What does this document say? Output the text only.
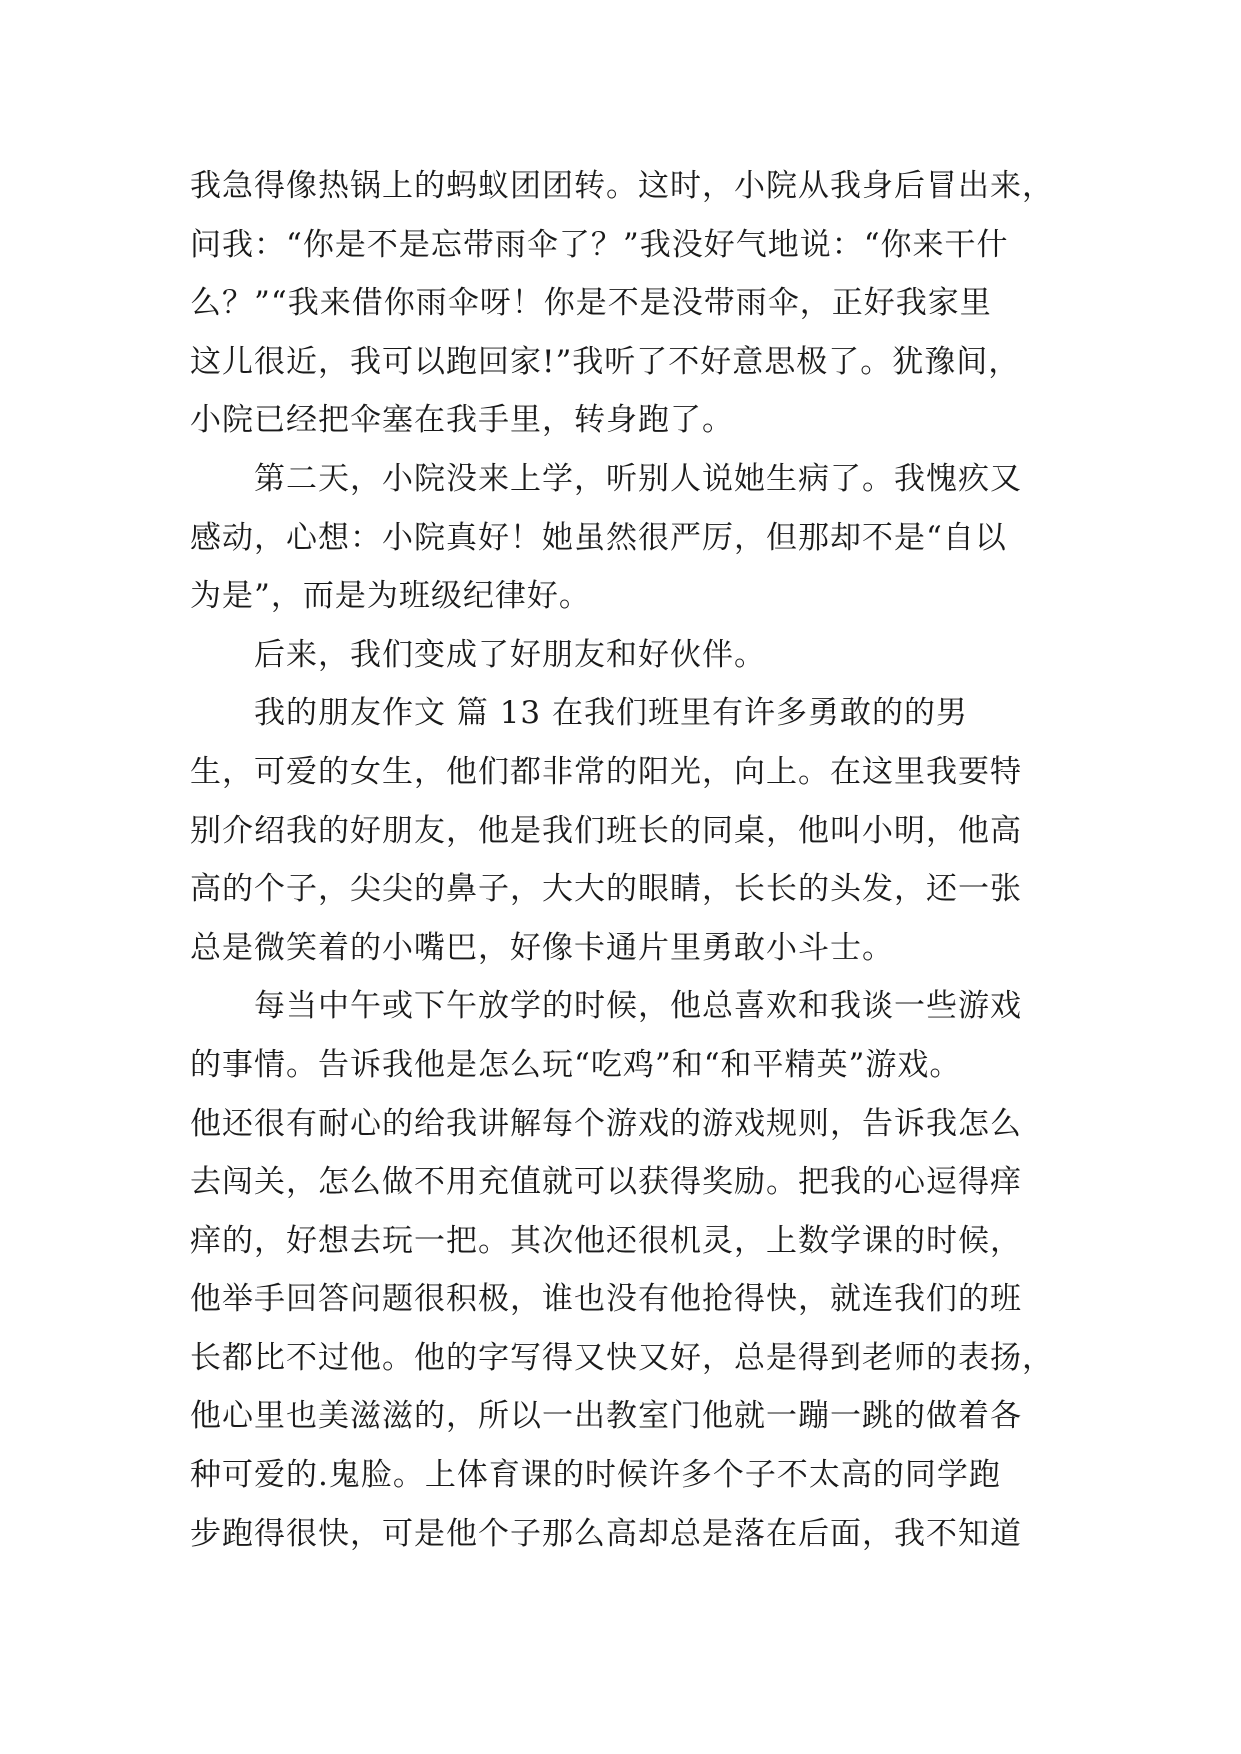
我急得像热锅上的蚂蚁团团转。这时，小院从我身后冒出来，
问我：“你是不是忘带雨伞了？”我没好气地说：“你来干什
么？”“我来借你雨伞呀！你是不是没带雨伞，正好我家里
这儿很近，我可以跑回家!”我听了不好意思极了。犹豫间，
小院已经把伞塞在我手里，转身跑了。
第二天，小院没来上学，听别人说她生病了。我愧疚又
感动，心想：小院真好！她虽然很严厉，但那却不是“自以
为是”，而是为班级纪律好。
后来，我们变成了好朋友和好伙伴。
我的朋友作文 篇 13 在我们班里有许多勇敢的的男
生，可爱的女生，他们都非常的阳光，向上。在这里我要特
别介绍我的好朋友，他是我们班长的同桌，他叫小明，他高
高的个子，尖尖的鼻子，大大的眼睛，长长的头发，还一张
总是微笑着的小嘴巴，好像卡通片里勇敢小斗士。
每当中午或下午放学的时候，他总喜欢和我谈一些游戏
的事情。告诉我他是怎么玩“吃鸡”和“和平精英”游戏。
他还很有耐心的给我讲解每个游戏的游戏规则，告诉我怎么
去闯关，怎么做不用充值就可以获得奖励。把我的心逗得痒
痒的，好想去玩一把。其次他还很机灵，上数学课的时候，
他举手回答问题很积极，谁也没有他抢得快，就连我们的班
长都比不过他。他的字写得又快又好，总是得到老师的表扬，
他心里也美滋滋的，所以一出教室门他就一蹦一跳的做着各
种可爱的.鬼脸。上体育课的时候许多个子不太高的同学跑
步跑得很快，可是他个子那么高却总是落在后面，我不知道
